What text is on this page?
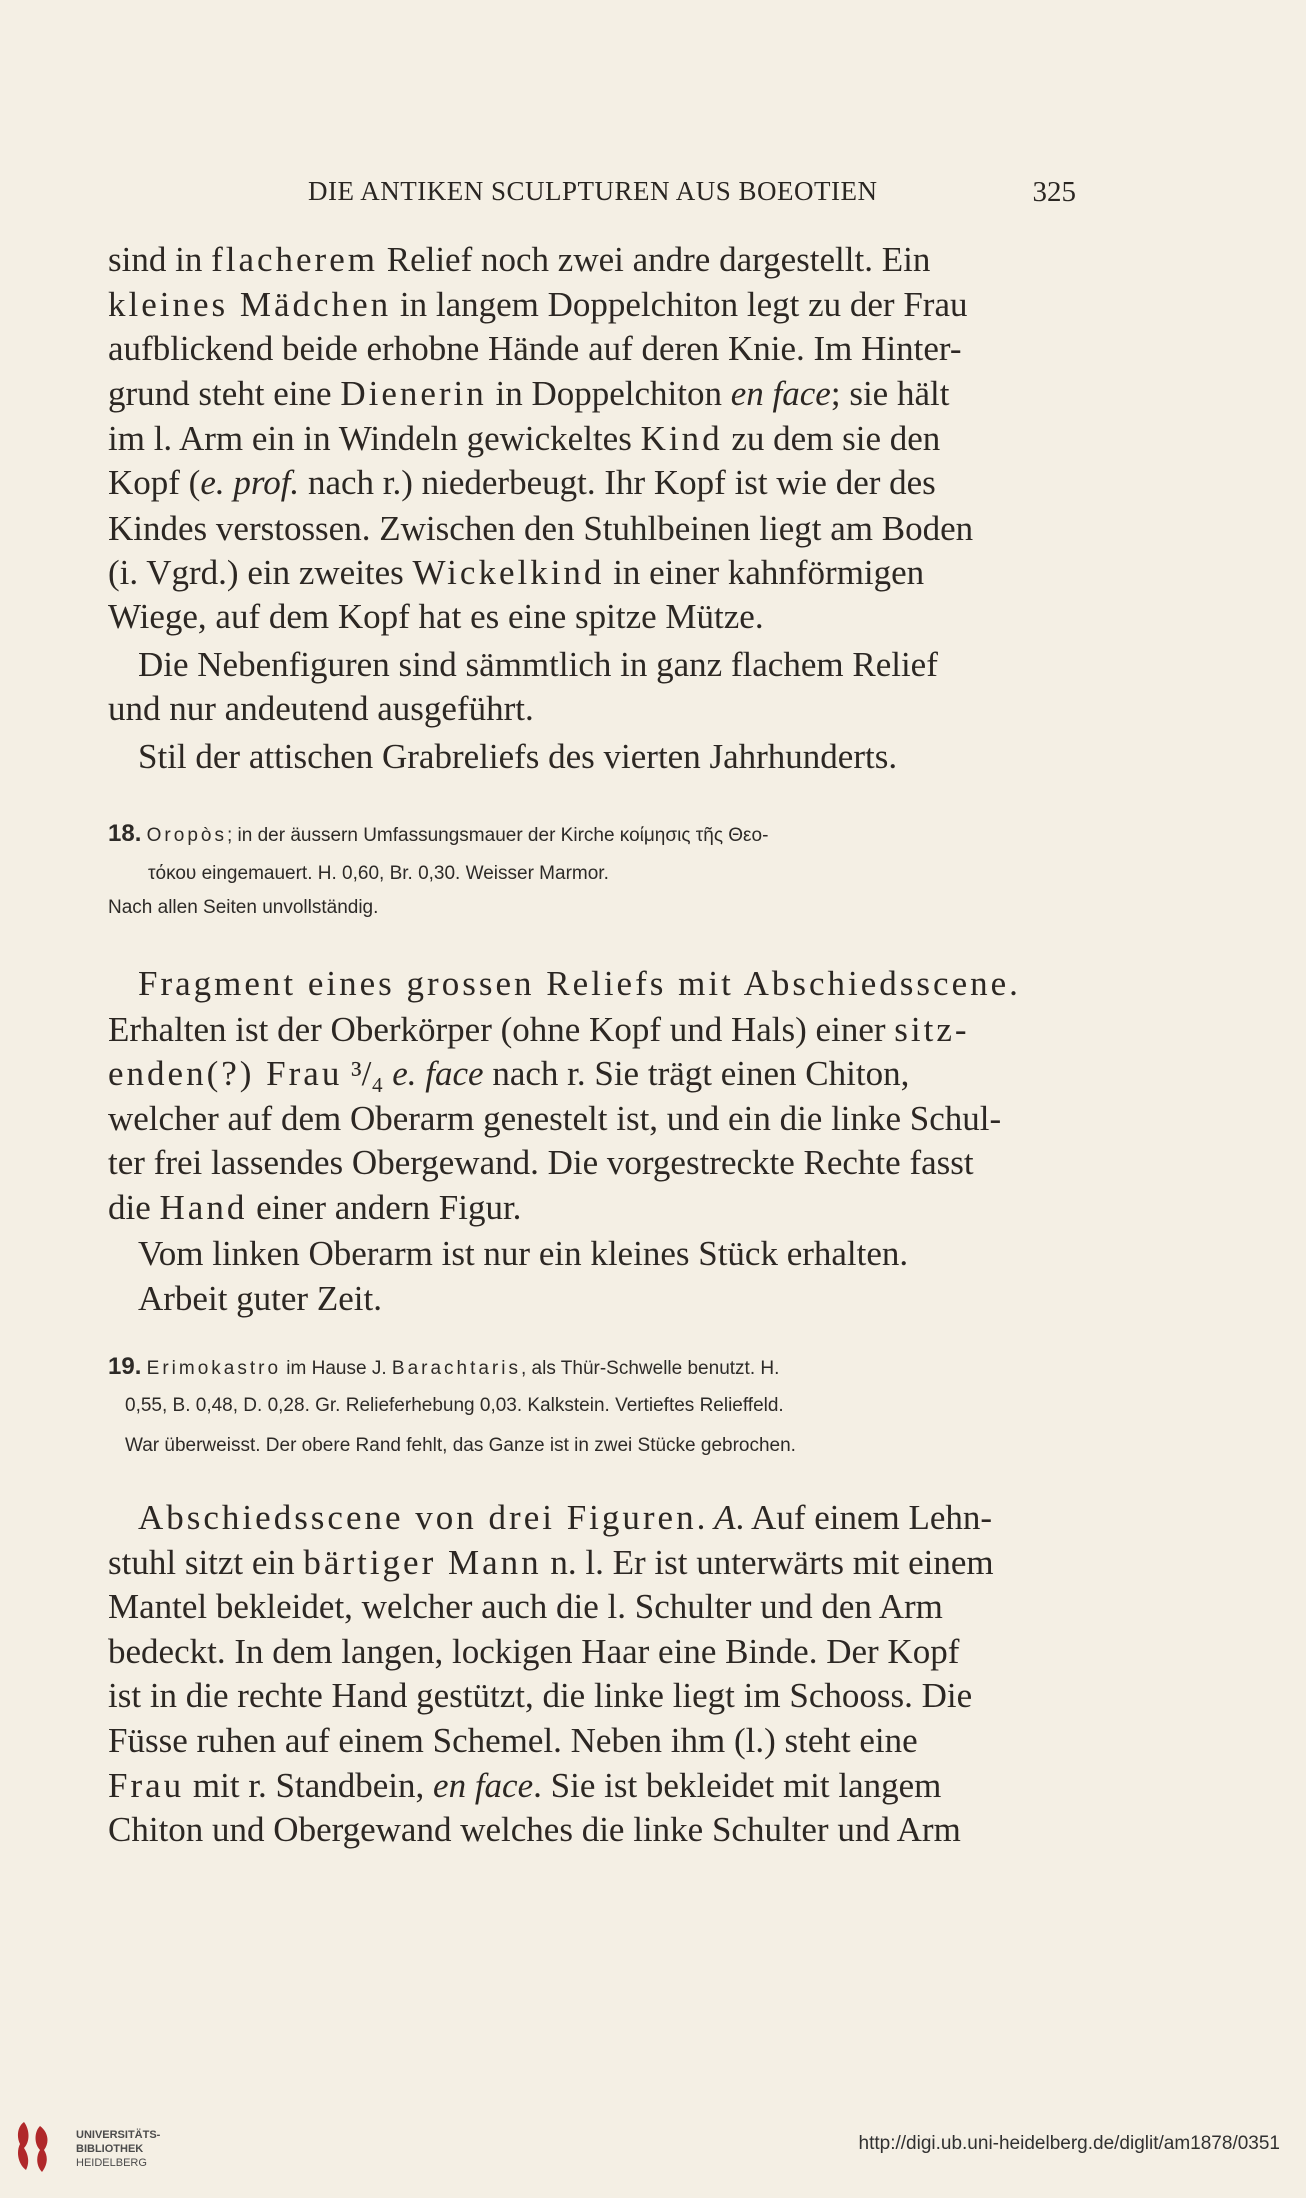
DIE ANTIKEN SCULPTUREN AUS BOEOTIEN	325
sind in flacherem Relief noch zwei andre dargestellt. Ein
kleines Mädchen in langem Doppelchiton legt zu der Frau
aufblickend beide erhobne Hände auf deren Knie. Im Hinter-
grund steht eine Dienerin in Doppelchiton en face; sie hält
im l. Arm ein in Windeln gewickeltes Kind zu dem sie den
Kopf (e. prof. nach r.) niederbeugt. Ihr Kopf ist wie der des
Kindes verstossen. Zwischen den Stuhlbeinen liegt am Boden
(i. Vgrd.) ein zweites Wickelkind in einer kahnförmigen
Wiege, auf dem Kopf hat es eine spitze Mütze.
Die Nebenfiguren sind sämmtlich in ganz flachem Relief
und nur andeutend ausgeführt.
Stil der attischen Grabreliefs des vierten Jahrhunderts.
18. Oropòs; in der äussern Umfassungsmauer der Kirche κοίμησις τῆς Θεο-
τόκου eingemauert. H. 0,60, Br. 0,30. Weisser Marmor.
Nach allen Seiten unvollständig.
Fragment eines grossen Reliefs mit Abschiedsscene.
Erhalten ist der Oberkörper (ohne Kopf und Hals) einer sitz-
enden(?) Frau ³/₄ e. face nach r. Sie trägt einen Chiton,
welcher auf dem Oberarm genestelt ist, und ein die linke Schul-
ter frei lassendes Obergewand. Die vorgestreckte Rechte fasst
die Hand einer andern Figur.
Vom linken Oberarm ist nur ein kleines Stück erhalten.
Arbeit guter Zeit.
19. Erimokastro im Hause J. Barachtaris, als Thür-Schwelle benutzt. H.
0,55, B. 0,48, D. 0,28. Gr. Relieferhebung 0,03. Kalkstein. Vertieftes Relieffeld.
War überweisst. Der obere Rand fehlt, das Ganze ist in zwei Stücke gebrochen.
Abschiedsscene von drei Figuren. A. Auf einem Lehn-
stuhl sitzt ein bärtiger Mann n. l. Er ist unterwärts mit einem
Mantel bekleidet, welcher auch die l. Schulter und den Arm
bedeckt. In dem langen, lockigen Haar eine Binde. Der Kopf
ist in die rechte Hand gestützt, die linke liegt im Schooss. Die
Füsse ruhen auf einem Schemel. Neben ihm (l.) steht eine
Frau mit r. Standbein, en face. Sie ist bekleidet mit langem
Chiton und Obergewand welches die linke Schulter und Arm
UNIVERSITÄTS-
BIBLIOTHEK
HEIDELBERG
http://digi.ub.uni-heidelberg.de/diglit/am1878/0351
